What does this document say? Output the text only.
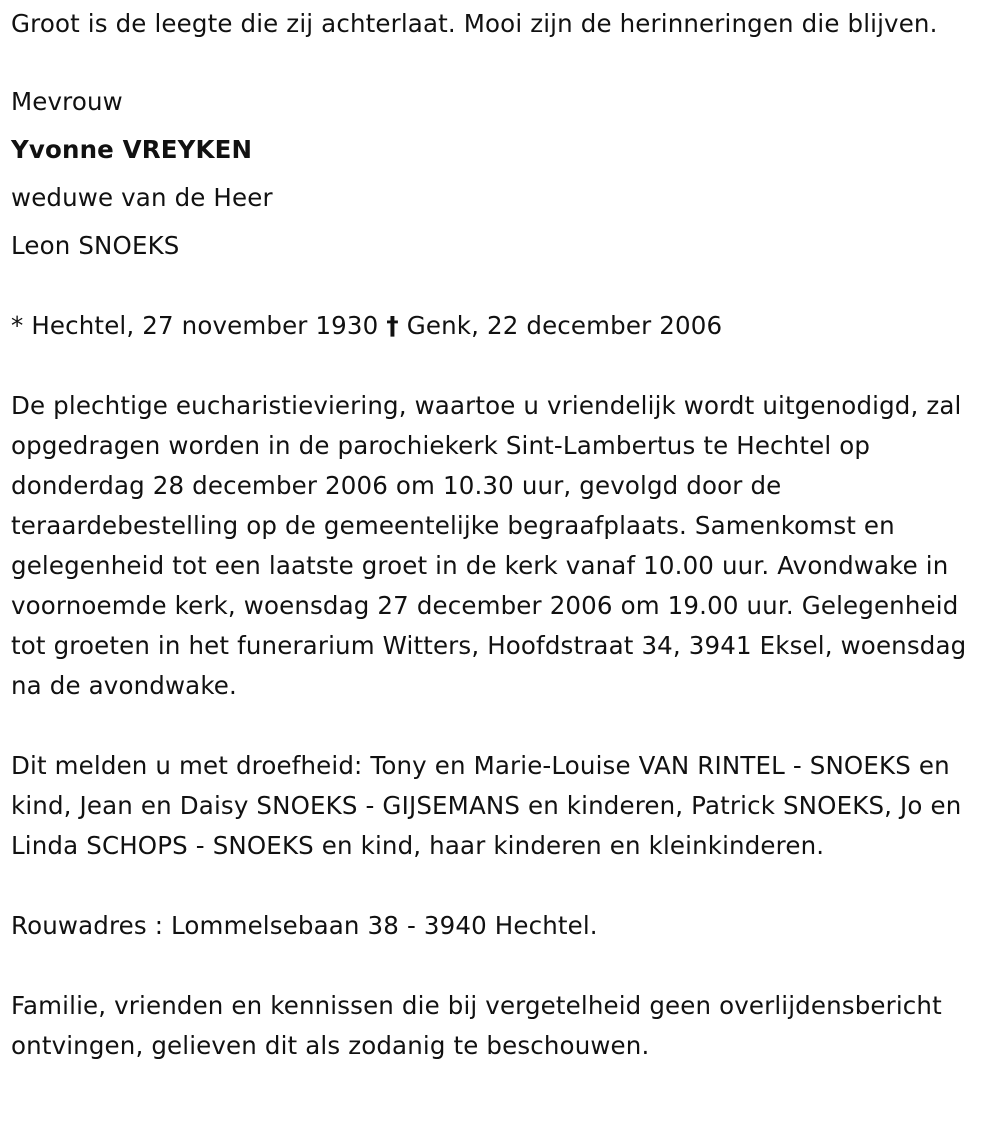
Groot is de leegte die zij achterlaat. Mooi zijn de herinneringen die blijven.

Mevrouw

Yvonne VREYKEN

weduwe van de Heer

Leon SNOEKS

* Hechtel, 27 november 1930 † Genk, 22 december 2006

De plechtige eucharistieviering, waartoe u vriendelijk wordt uitgenodigd, zal opgedragen worden in de parochiekerk Sint-Lambertus te Hechtel op donderdag 28 december 2006 om 10.30 uur, gevolgd door de teraardebestelling op de gemeentelijke begraafplaats. Samenkomst en gelegenheid tot een laatste groet in de kerk vanaf 10.00 uur. Avondwake in voornoemde kerk, woensdag 27 december 2006 om 19.00 uur. Gelegenheid tot groeten in het funerarium Witters, Hoofdstraat 34, 3941 Eksel, woensdag na de avondwake.

Dit melden u met droefheid: Tony en Marie-Louise VAN RINTEL - SNOEKS en kind, Jean en Daisy SNOEKS - GIJSEMANS en kinderen, Patrick SNOEKS, Jo en Linda SCHOPS - SNOEKS en kind, haar kinderen en kleinkinderen.

Rouwadres : Lommelsebaan 38 - 3940 Hechtel.

Familie, vrienden en kennissen die bij vergetelheid geen overlijdensbericht ontvingen, gelieven dit als zodanig te beschouwen.
